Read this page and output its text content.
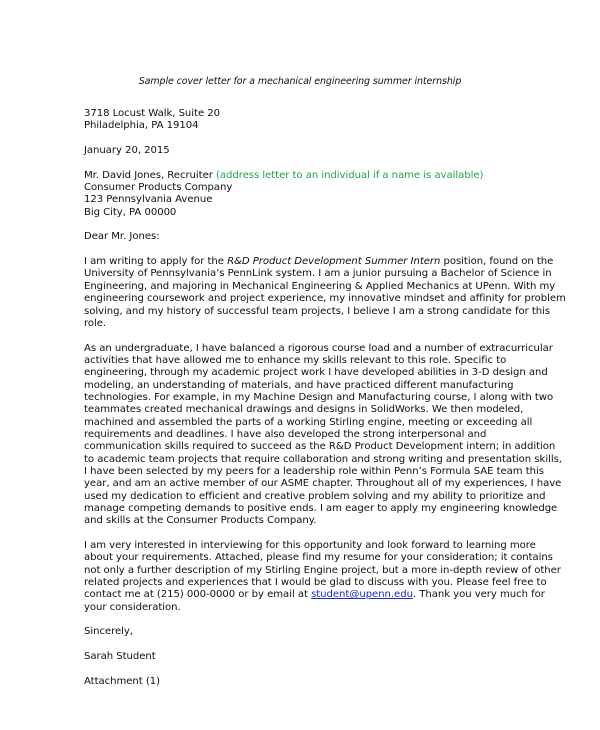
Sample cover letter for a mechanical engineering summer internship
3718 Locust Walk, Suite 20
Philadelphia, PA 19104
January 20, 2015
Mr. David Jones, Recruiter (address letter to an individual if a name is available)
Consumer Products Company
123 Pennsylvania Avenue
Big City, PA 00000
Dear Mr. Jones:
I am writing to apply for the R&D Product Development Summer Intern position, found on the
University of Pennsylvania’s PennLink system. I am a junior pursuing a Bachelor of Science in
Engineering, and majoring in Mechanical Engineering & Applied Mechanics at UPenn. With my
engineering coursework and project experience, my innovative mindset and affinity for problem
solving, and my history of successful team projects, I believe I am a strong candidate for this
role.
As an undergraduate, I have balanced a rigorous course load and a number of extracurricular
activities that have allowed me to enhance my skills relevant to this role. Specific to
engineering, through my academic project work I have developed abilities in 3-D design and
modeling, an understanding of materials, and have practiced different manufacturing
technologies. For example, in my Machine Design and Manufacturing course, I along with two
teammates created mechanical drawings and designs in SolidWorks. We then modeled,
machined and assembled the parts of a working Stirling engine, meeting or exceeding all
requirements and deadlines. I have also developed the strong interpersonal and
communication skills required to succeed as the R&D Product Development intern; in addition
to academic team projects that require collaboration and strong writing and presentation skills,
I have been selected by my peers for a leadership role within Penn’s Formula SAE team this
year, and am an active member of our ASME chapter. Throughout all of my experiences, I have
used my dedication to efficient and creative problem solving and my ability to prioritize and
manage competing demands to positive ends. I am eager to apply my engineering knowledge
and skills at the Consumer Products Company.
I am very interested in interviewing for this opportunity and look forward to learning more
about your requirements. Attached, please find my resume for your consideration; it contains
not only a further description of my Stirling Engine project, but a more in-depth review of other
related projects and experiences that I would be glad to discuss with you. Please feel free to
contact me at (215) 000-0000 or by email at student@upenn.edu. Thank you very much for
your consideration.
Sincerely,
Sarah Student
Attachment (1)
